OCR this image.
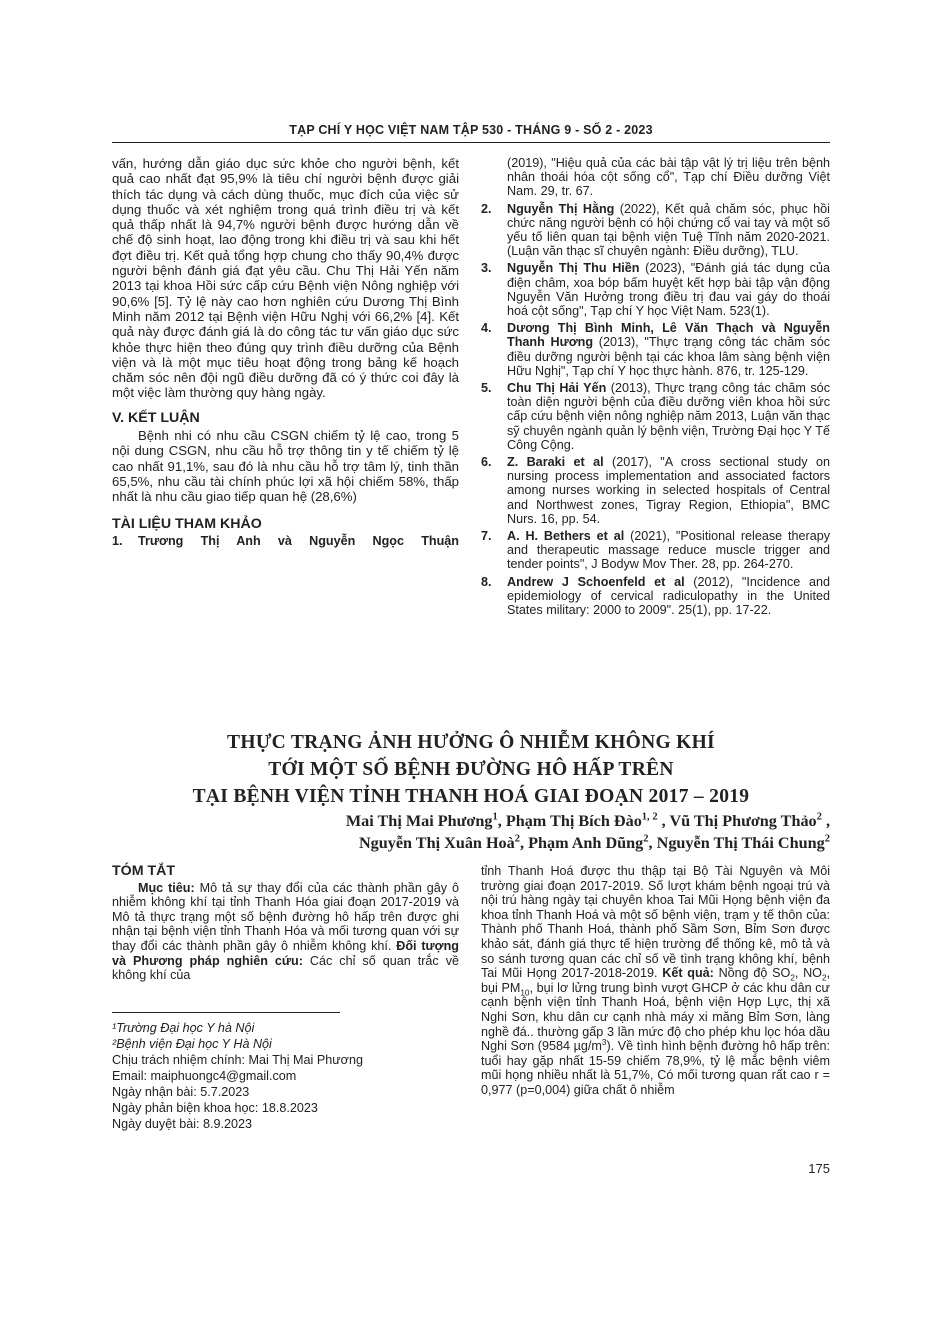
TẠP CHÍ Y HỌC VIỆT NAM TẬP 530 - THÁNG 9 - SỐ 2 - 2023

vấn, hướng dẫn giáo dục sức khỏe cho người bệnh, kết quả cao nhất đạt 95,9% là tiêu chí người bệnh được giải thích tác dụng và cách dùng thuốc, mục đích của việc sử dụng thuốc và xét nghiệm trong quá trình điều trị và kết quả thấp nhất là 94,7% người bệnh được hướng dẫn về chế độ sinh hoạt, lao động trong khi điều trị và sau khi hết đợt điều trị. Kết quả tổng hợp chung cho thấy 90,4% được người bệnh đánh giá đạt yêu cầu. Chu Thị Hải Yến năm 2013 tại khoa Hồi sức cấp cứu Bệnh viện Nông nghiệp với 90,6% [5]. Tỷ lệ này cao hơn nghiên cứu Dương Thị Bình Minh năm 2012 tại Bệnh viện Hữu Nghị với 66,2% [4]. Kết quả này được đánh giá là do công tác tư vấn giáo dục sức khỏe thực hiện theo đúng quy trình điều dưỡng của Bệnh viện và là một mục tiêu hoạt động trong bảng kế hoạch chăm sóc nên đội ngũ điều dưỡng đã có ý thức coi đây là một việc làm thường quy hàng ngày.

V. KẾT LUẬN

Bệnh nhi có nhu cầu CSGN chiếm tỷ lệ cao, trong 5 nội dung CSGN, nhu cầu hỗ trợ thông tin y tế chiếm tỷ lệ cao nhất 91,1%, sau đó là nhu cầu hỗ trợ tâm lý, tinh thần 65,5%, nhu cầu tài chính phúc lợi xã hội chiếm 58%, thấp nhất là nhu cầu giao tiếp quan hệ (28,6%)

TÀI LIỆU THAM KHẢO
1.	Trương Thị Anh và Nguyễn Ngọc Thuận
(2019), "Hiệu quả của các bài tập vật lý trị liệu trên bệnh nhân thoái hóa cột sống cổ", Tạp chí Điều dưỡng Việt Nam. 29, tr. 67.
2.	Nguyễn Thị Hằng (2022), Kết quả chăm sóc, phục hồi chức năng người bệnh có hội chứng cổ vai tay và một số yếu tố liên quan tại bệnh viện Tuệ Tĩnh năm 2020-2021.(Luận văn thạc sĩ chuyên ngành: Điều dưỡng), TLU.
3.	Nguyễn Thị Thu Hiền (2023), "Đánh giá tác dụng của điện châm, xoa bóp bấm huyệt kết hợp bài tập vận động Nguyễn Văn Hưởng trong điều trị đau vai gáy do thoái hoá cột sống", Tạp chí Y học Việt Nam. 523(1).
4.	Dương Thị Bình Minh, Lê Văn Thạch và Nguyễn Thanh Hương (2013), "Thực trạng công tác chăm sóc điều dưỡng người bệnh tại các khoa lâm sàng bệnh viện Hữu Nghị", Tạp chí Y học thực hành. 876, tr. 125-129.
5.	Chu Thị Hải Yến (2013), Thực trạng công tác chăm sóc toàn diện người bệnh của điều dưỡng viên khoa hồi sức cấp cứu bệnh viện nông nghiệp năm 2013, Luận văn thạc sỹ chuyên ngành quản lý bệnh viện, Trường Đại học Y Tế Công Cộng.
6.	Z. Baraki et al (2017), "A cross sectional study on nursing process implementation and associated factors among nurses working in selected hospitals of Central and Northwest zones, Tigray Region, Ethiopia", BMC Nurs. 16, pp. 54.
7.	A. H. Bethers et al (2021), "Positional release therapy and therapeutic massage reduce muscle trigger and tender points", J Bodyw Mov Ther. 28, pp. 264-270.
8.	Andrew J Schoenfeld et al (2012), "Incidence and epidemiology of cervical radiculopathy in the United States military: 2000 to 2009". 25(1), pp. 17-22.
THỰC TRẠNG ẢNH HƯỞNG Ô NHIỄM KHÔNG KHÍ
TỚI MỘT SỐ BỆNH ĐƯỜNG HÔ HẤP TRÊN
TẠI BỆNH VIỆN TỈNH THANH HOÁ GIAI ĐOẠN 2017 – 2019
Mai Thị Mai Phương$^1$, Phạm Thị Bích Đào$^{1, 2}$ , Vũ Thị Phương Thảo$^2$ ,
Nguyễn Thị Xuân Hoà$^2$, Phạm Anh Dũng$^2$, Nguyễn Thị Thái Chung$^2$
TÓM TẮT

Mục tiêu: Mô tả sự thay đổi của các thành phần gây ô nhiễm không khí tại tỉnh Thanh Hóa giai đoạn 2017-2019 và Mô tả thực trạng một số bệnh đường hô hấp trên được ghi nhận tại bệnh viện tỉnh Thanh Hóa và mối tương quan với sự thay đổi các thành phần gây ô nhiễm không khí. Đối tượng và Phương pháp nghiên cứu: Các chỉ số quan trắc về không khí của

tỉnh Thanh Hoá được thu thập tại Bộ Tài Nguyên và Môi trường giai đoạn 2017-2019. Số lượt khám bệnh ngoại trú và nội trú hàng ngày tại chuyên khoa Tai Mũi Họng bệnh viện đa khoa tỉnh Thanh Hoá và một số bệnh viện, trạm y tế thôn của: Thành phố Thanh Hoá, thành phố Sầm Sơn, Bỉm Sơn được khảo sát, đánh giá thực tế hiện trường để thống kê, mô tả và so sánh tương quan các chỉ số về tình trạng không khí, bệnh Tai Mũi Họng 2017-2018-2019. Kết quả: Nồng độ $SO_2$, $NO_2$, bụi $PM_{10}$, bụi lơ lửng trung bình vượt GHCP ở các khu dân cư cạnh bệnh viện tỉnh Thanh Hoá, bệnh viện Hợp Lực, thị xã Nghi Sơn, khu dân cư cạnh nhà máy xi măng Bỉm Sơn, làng nghề đá.. thường gấp 3 lần mức độ cho phép khu lọc hóa dầu Nghi Sơn (9584 $\mu g/m^3$). Về tình hình bệnh đường hô hấp trên: tuổi hay gặp nhất 15-59 chiếm 78,9%, tỷ lệ mắc bệnh viêm mũi họng nhiều nhất là 51,7%, Có mối tương quan rất cao r = 0,977 (p=0,004) giữa chất ô nhiễm

¹Trường Đại học Y hà Nội
²Bệnh viện Đại học Y Hà Nội
Chịu trách nhiệm chính: Mai Thị Mai Phương
Email: maiphuongc4@gmail.com
Ngày nhận bài: 5.7.2023
Ngày phản biện khoa học: 18.8.2023
Ngày duyệt bài: 8.9.2023
175
